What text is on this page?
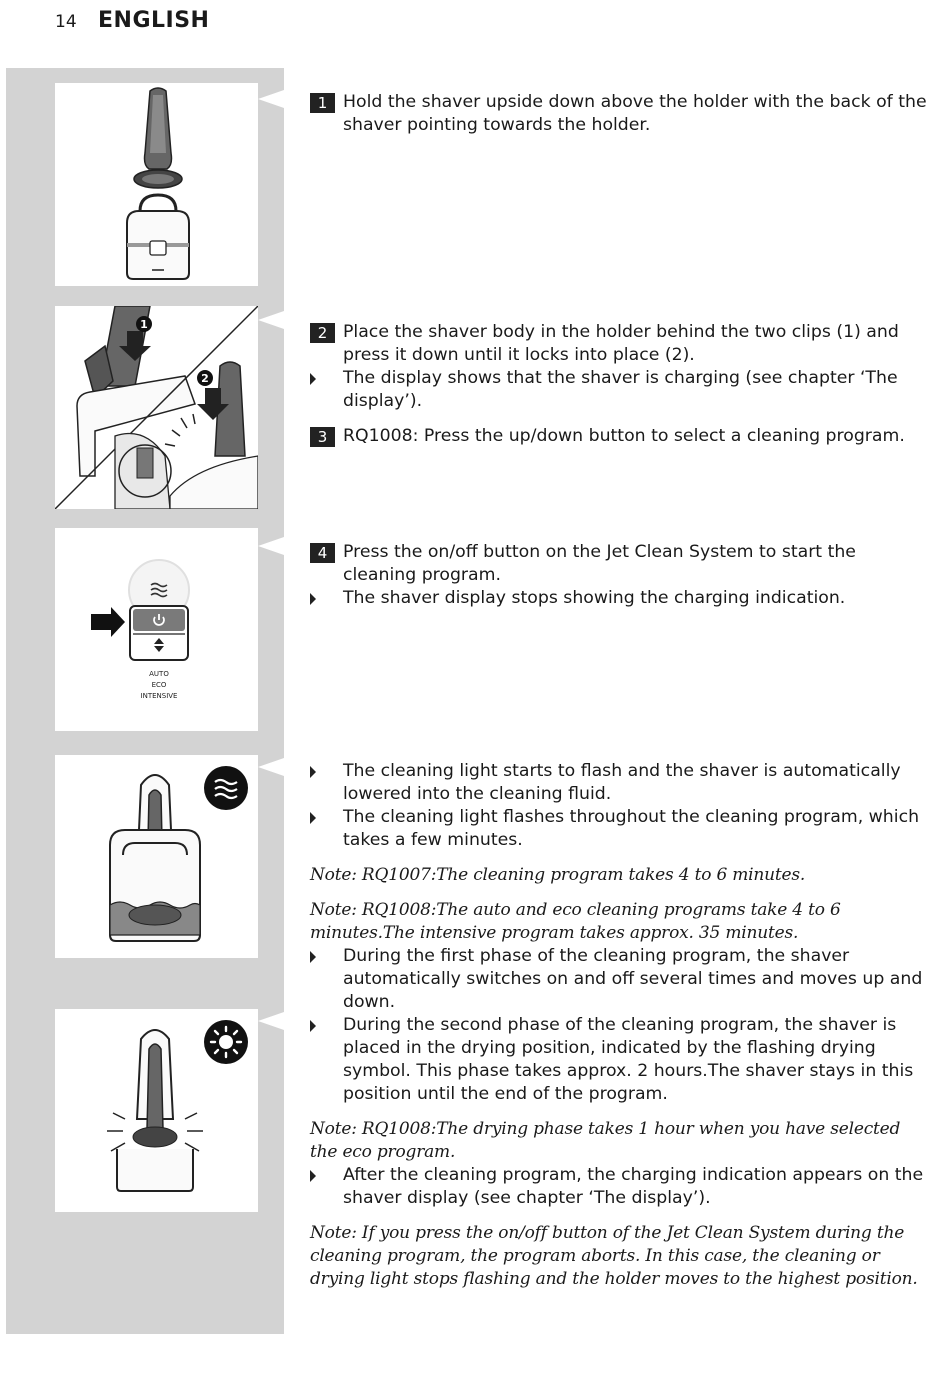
14 ENGLISH
1
2
AUTO
ECO
INTENSIVE

1 Hold the shaver upside down above the holder with the back of the shaver pointing towards the holder.

2 Place the shaver body in the holder behind the two clips (1) and press it down until it locks into place (2).

The display shows that the shaver is charging (see chapter ‘The display’).

3 RQ1008: Press the up/down button to select a cleaning program.

4 Press the on/off button on the Jet Clean System to start the cleaning program.

The shaver display stops showing the charging indication.

The cleaning light starts to flash and the shaver is automatically lowered into the cleaning fluid.

The cleaning light flashes throughout the cleaning program, which takes a few minutes.

Note: RQ1007:The cleaning program takes 4 to 6 minutes.

Note: RQ1008:The auto and eco cleaning programs take 4 to 6 minutes.The intensive program takes approx. 35 minutes.

During the first phase of the cleaning program, the shaver automatically switches on and off several times and moves up and down.

During the second phase of the cleaning program, the shaver is placed in the drying position, indicated by the flashing drying symbol. This phase takes approx. 2 hours.The shaver stays in this position until the end of the program.

Note: RQ1008:The drying phase takes 1 hour when you have selected the eco program.

After the cleaning program, the charging indication appears on the shaver display (see chapter ‘The display’).

Note: If you press the on/off button of the Jet Clean System during the cleaning program, the program aborts. In this case, the cleaning or drying light stops flashing and the holder moves to the highest position.
